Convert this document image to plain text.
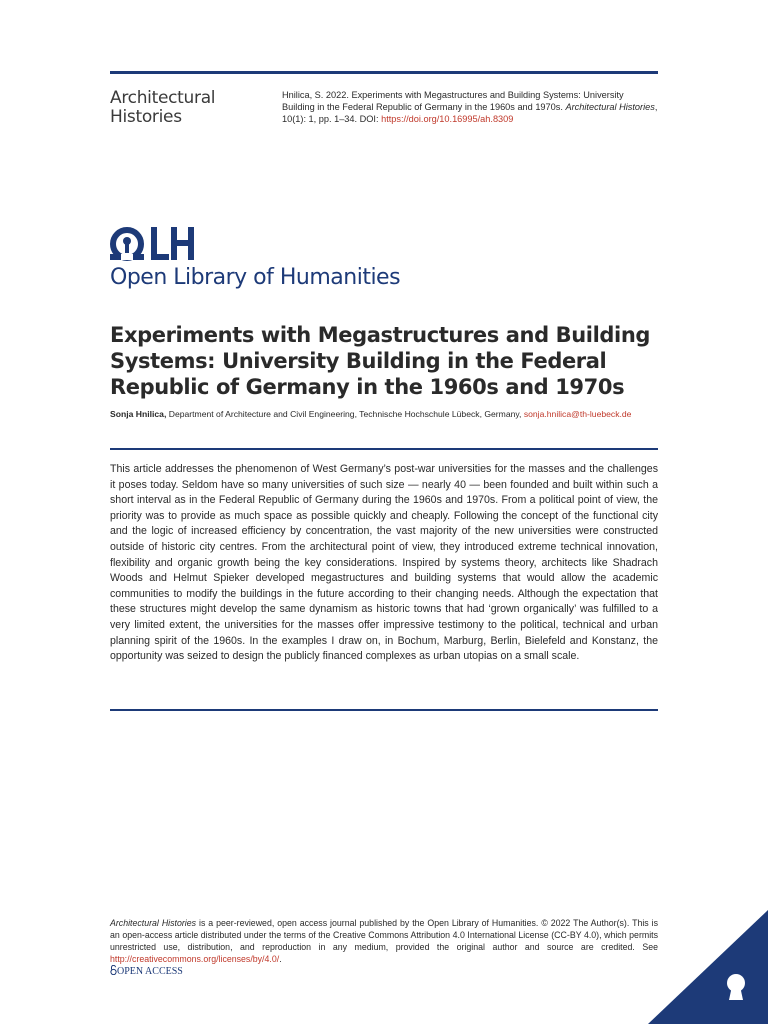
Architectural
Histories
Hnilica, S. 2022. Experiments with Megastructures and Building Systems: University Building in the Federal Republic of Germany in the 1960s and 1970s. Architectural Histories, 10(1): 1, pp. 1–34. DOI: https://doi.org/10.16995/ah.8309
Open Library of Humanities
Experiments with Megastructures and Building Systems: University Building in the Federal Republic of Germany in the 1960s and 1970s
Sonja Hnilica, Department of Architecture and Civil Engineering, Technische Hochschule Lübeck, Germany, sonja.hnilica@th-luebeck.de
This article addresses the phenomenon of West Germany’s post-war universities for the masses and the challenges it poses today. Seldom have so many universities of such size — nearly 40 — been founded and built within such a short interval as in the Federal Republic of Germany during the 1960s and 1970s. From a political point of view, the priority was to provide as much space as possible quickly and cheaply. Following the concept of the functional city and the logic of increased efficiency by concentration, the vast majority of the new universities were constructed outside of historic city centres. From the architectural point of view, they introduced extreme technical innovation, flexibility and organic growth being the key considerations. Inspired by systems theory, architects like Shadrach Woods and Helmut Spieker developed megastructures and building systems that would allow the academic communities to modify the buildings in the future according to their changing needs. Although the expectation that these structures might develop the same dynamism as historic towns that had ‘grown organically’ was fulfilled to a very limited extent, the universities for the masses offer impressive testimony to the political, technical and urban planning spirit of the 1960s. In the examples I draw on, in Bochum, Marburg, Berlin, Bielefeld and Konstanz, the opportunity was seized to design the publicly financed complexes as urban utopias on a small scale.
Architectural Histories is a peer-reviewed, open access journal published by the Open Library of Humanities. © 2022 The Author(s). This is an open-access article distributed under the terms of the Creative Commons Attribution 4.0 International License (CC-BY 4.0), which permits unrestricted use, distribution, and reproduction in any medium, provided the original author and source are credited. See http://creativecommons.org/licenses/by/4.0/.
OPEN ACCESS
